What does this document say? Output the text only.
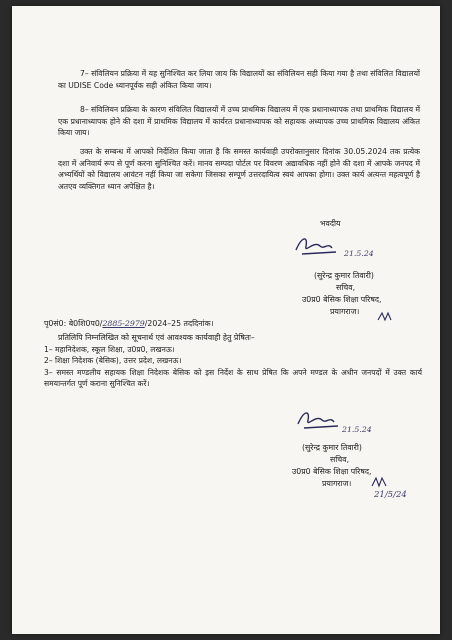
7– संविलियन प्रक्रिया में यह सुनिश्चित कर लिया जाय कि विद्यालयों का संविलियन सही किया गया है तथा संविलित विद्यालयों का UDISE Code ध्यानपूर्वक सही अंकित किया जाय।

8– संविलियन प्रक्रिया के कारण संविलित विद्यालयों में उच्च प्राथमिक विद्यालय में एक प्रधानाध्यापक तथा प्राथमिक विद्यालय में एक प्रधानाध्यापक होने की दशा में प्राथमिक विद्यालय में कार्यरत प्रधानाध्यापक को सहायक अध्यापक उच्च प्राथमिक विद्यालय अंकित किया जाय।

उक्त के सम्बन्ध में आपको निर्देशित किया जाता है कि समस्त कार्यवाही उपरोक्तानुसार दिनांक 30.05.2024 तक प्रत्येक दशा में अनिवार्य रूप से पूर्ण करना सुनिश्चित करें। मानव सम्पदा पोर्टल पर विवरण अद्यावधिक नहीं होने की दशा में आपके जनपद में अभ्यर्थियों को विद्यालय आवंटन नहीं किया जा सकेगा जिसका सम्पूर्ण उत्तरदायित्व स्वयं आपका होगा। उक्त कार्य अत्यन्त महत्वपूर्ण है अतएव व्यक्तिगत ध्यान अपेक्षित है।

भवदीय
21.5.24
(सुरेन्द्र कुमार तिवारी)
सचिव,
उ0प्र0 बेसिक शिक्षा परिषद,
प्रयागराज।
पृ0सं0: बे0शि0प0/2885-2979/2024–25 तददिनांक।
प्रतिलिपि निम्नलिखित को सूचनार्थ एवं आवश्यक कार्यवाही हेतु प्रेषितः–
1– महानिदेशक, स्कूल शिक्षा, उ0प्र0, लखनऊ।
2– शिक्षा निदेशक (बेसिक), उत्तर प्रदेश, लखनऊ।
3– समस्त मण्डलीय सहायक शिक्षा निदेशक बेसिक को इस निर्देश के साथ प्रेषित कि अपने मण्डल के अधीन जनपदों में उक्त कार्य समयान्तर्गत पूर्ण कराना सुनिश्चित करें।
21.5.24
(सुरेन्द्र कुमार तिवारी)
सचिव,
उ0प्र0 बेसिक शिक्षा परिषद,
प्रयागराज।
21/5/24
